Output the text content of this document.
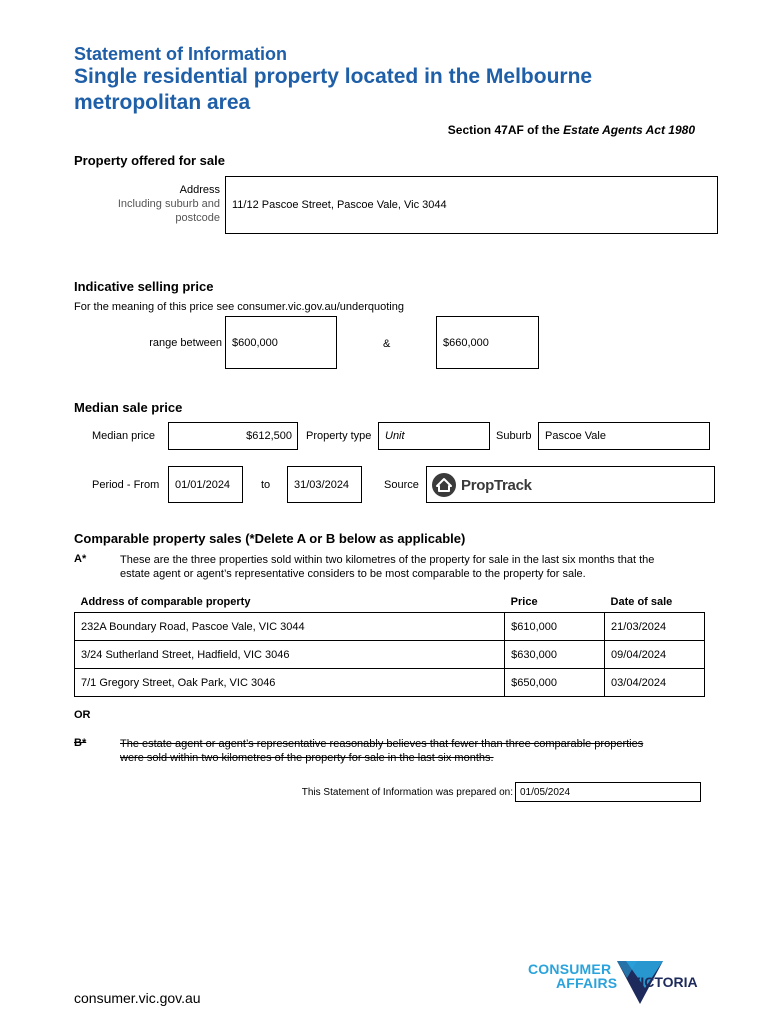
Statement of Information
Single residential property located in the Melbourne
metropolitan area
Section 47AF of the Estate Agents Act 1980
Property offered for sale
Address
Including suburb and
postcode
11/12 Pascoe Street, Pascoe Vale, Vic 3044
Indicative selling price
For the meaning of this price see consumer.vic.gov.au/underquoting
range between $600,000	&	$660,000
Median sale price
Median price	$612,500 Property type Unit	Suburb Pascoe Vale
Period - From 01/01/2024	to 31/03/2024	Source	PropTrack
Comparable property sales (*Delete A or B below as applicable)
A*	These are the three properties sold within two kilometres of the property for sale in the last six months that the
estate agent or agent’s representative considers to be most comparable to the property for sale.
Address of comparable property	Price	Date of sale
232A Boundary Road, Pascoe Vale, VIC 3044	$610,000	21/03/2024
3/24 Sutherland Street, Hadfield, VIC 3046	$630,000	09/04/2024
7/1 Gregory Street, Oak Park, VIC 3046	$650,000	03/04/2024
OR
B*	The estate agent or agent’s representative reasonably believes that fewer than three comparable properties
were sold within two kilometres of the property for sale in the last six months.
This Statement of Information was prepared on: 01/05/2024
consumer.vic.gov.au
CONSUMER
AFFAIRS VICTORIA
